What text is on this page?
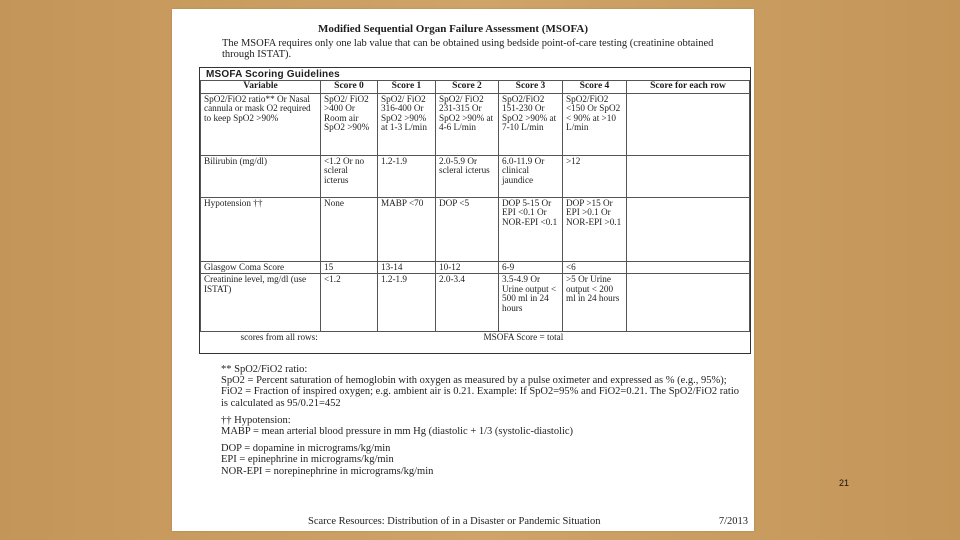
Modified Sequential Organ Failure Assessment (MSOFA)
The MSOFA requires only one lab value that can be obtained using bedside point-of-care testing (creatinine obtained through ISTAT).
MSOFA Scoring Guidelines
Variable	Score 0	Score 1	Score 2	Score 3	Score 4	Score for each row
SpO2/FiO2 ratio** Or Nasal cannula or mask O2 required to keep SpO2 >90%	SpO2/ FiO2 >400 Or Room air SpO2 >90%	SpO2/ FiO2 316-400 Or SpO2 >90% at 1-3 L/min	SpO2/ FiO2 231-315 Or SpO2 >90% at 4-6 L/min	SpO2/FiO2 151-230 Or SpO2 >90% at 7-10 L/min	SpO2/FiO2 <150 Or SpO2 < 90% at >10 L/min	
Bilirubin (mg/dl)	<1.2 Or no scleral icterus	1.2-1.9	2.0-5.9 Or scleral icterus	6.0-11.9 Or clinical jaundice	>12	
Hypotension ††	None	MABP <70	DOP <5	DOP 5-15 Or EPI <0.1 Or NOR-EPI <0.1	DOP >15 Or EPI >0.1 Or NOR-EPI >0.1	
Glasgow Coma Score	15	13-14	10-12	6-9	<6	
Creatinine level, mg/dl (use ISTAT)	<1.2	1.2-1.9	2.0-3.4	3.5-4.9 Or Urine output < 500 ml in 24 hours	>5 Or Urine output < 200 ml in 24 hours	
scores from all rows:			MSOFA Score = total			

** SpO2/FiO2 ratio:

SpO2 = Percent saturation of hemoglobin with oxygen as measured by a pulse oximeter and expressed as % (e.g., 95%); FiO2 = Fraction of inspired oxygen; e.g. ambient air is 0.21. Example: If SpO2=95% and FiO2=0.21. The SpO2/FiO2 ratio is calculated as 95/0.21=452

†† Hypotension:

MABP = mean arterial blood pressure in mm Hg (diastolic + 1/3 (systolic-diastolic)

DOP = dopamine in micrograms/kg/min

EPI = epinephrine in micrograms/kg/min

NOR-EPI = norepinephrine in micrograms/kg/min

Scarce Resources: Distribution of in a Disaster or Pandemic Situation	7/2013
21
